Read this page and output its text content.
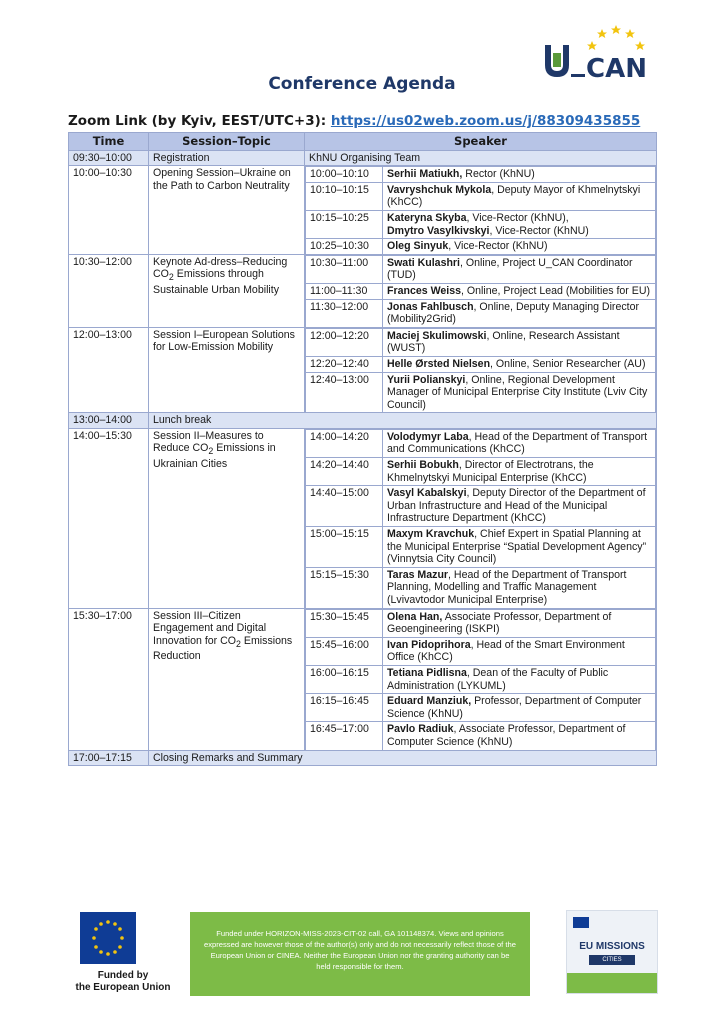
CAN
Conference Agenda
Zoom Link (by Kyiv, EEST/UTC+3): https://us02web.zoom.us/j/88309435855
Time	Session–Topic	Speaker
09:30–10:00	Registration	KhNU Organising Team
10:00–10:30	Opening Session–Ukraine on the Path to Carbon Neutrality	
10:00–10:10	Serhii Matiukh, Rector (KhNU)
10:10–10:15	Vavryshchuk Mykola, Deputy Mayor of Khmelnytskyi (KhCC)
10:15–10:25	Kateryna Skyba, Vice-Rector (KhNU),
Dmytro Vasylkivskyi, Vice-Rector (KhNU)
10:25–10:30	Oleg Sinyuk, Vice-Rector (KhNU)

10:30–12:00	Keynote Ad-dress–Reducing $CO_2$ Emissions through Sustainable Urban Mobility	
10:30–11:00	Swati Kulashri, Online, Project U_CAN Coordinator (TUD)
11:00–11:30	Frances Weiss, Online, Project Lead (Mobilities for EU)
11:30–12:00	Jonas Fahlbusch, Online, Deputy Managing Director (Mobility2Grid)

12:00–13:00	Session I–European Solutions for Low-Emission Mobility	
12:00–12:20	Maciej Skulimowski, Online, Research Assistant (WUST)
12:20–12:40	Helle Ørsted Nielsen, Online, Senior Researcher (AU)
12:40–13:00	Yurii Polianskyi, Online, Regional Development Manager of Municipal Enterprise City Institute (Lviv City Council)

13:00–14:00	Lunch break
14:00–15:30	Session II–Measures to Reduce $CO_2$ Emissions in Ukrainian Cities	
14:00–14:20	Volodymyr Laba, Head of the Department of Transport and Communications (KhCC)
14:20–14:40	Serhii Bobukh, Director of Electrotrans, the Khmelnytskyi Municipal Enterprise (KhCC)
14:40–15:00	Vasyl Kabalskyi, Deputy Director of the Department of Urban Infrastructure and Head of the Municipal Infrastructure Department (KhCC)
15:00–15:15	Maxym Kravchuk, Chief Expert in Spatial Planning at the Municipal Enterprise “Spatial Development Agency” (Vinnytsia City Council)
15:15–15:30	Taras Mazur, Head of the Department of Transport Planning, Modelling and Traffic Management (Lvivavtodor Municipal Enterprise)

15:30–17:00	Session III–Citizen Engagement and Digital Innovation for $CO_2$ Emissions Reduction	
15:30–15:45	Olena Han, Associate Professor, Department of Geoengineering (ISKPI)
15:45–16:00	Ivan Pidoprihora, Head of the Smart Environment Office (KhCC)
16:00–16:15	Tetiana Pidlisna, Dean of the Faculty of Public Administration (LYKUML)
16:15–16:45	Eduard Manziuk, Professor, Department of Computer Science (KhNU)
16:45–17:00	Pavlo Radiuk, Associate Professor, Department of Computer Science (KhNU)

17:00–17:15	Closing Remarks and Summary
Funded by
the European Union
Funded under HORIZON-MISS-2023-CIT-02 call, GA 101148374. Views and opinions expressed are however those of the author(s) only and do not necessarily reflect those of the European Union or CINEA. Neither the European Union nor the granting authority can be held responsible for them.
EU MISSIONS
CITIES
